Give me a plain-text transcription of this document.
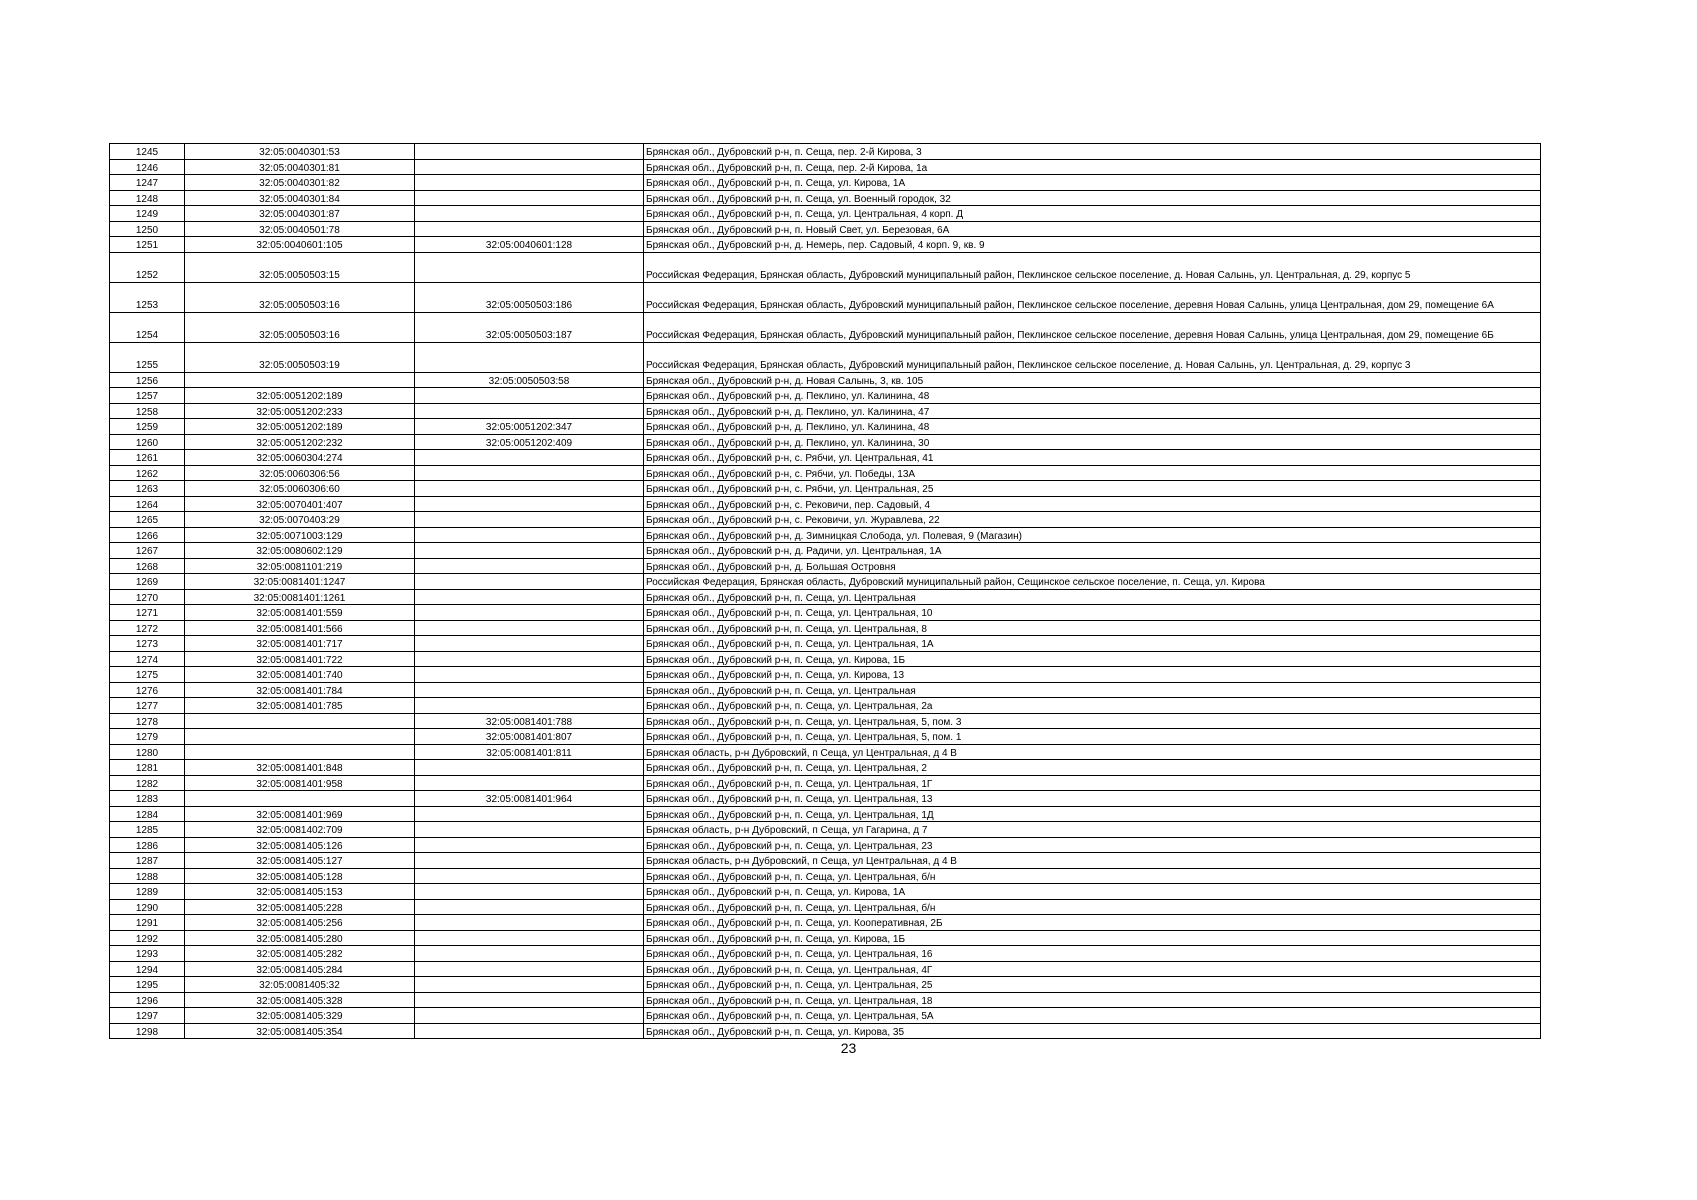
1245	32:05:0040301:53		Брянская обл., Дубровский р-н, п. Сеща, пер. 2-й Кирова, 3
1246	32:05:0040301:81		Брянская обл., Дубровский р-н, п. Сеща, пер. 2-й Кирова, 1а
1247	32:05:0040301:82		Брянская обл., Дубровский р-н, п. Сеща, ул. Кирова, 1А
1248	32:05:0040301:84		Брянская обл., Дубровский р-н, п. Сеща, ул. Военный городок, 32
1249	32:05:0040301:87		Брянская обл., Дубровский р-н, п. Сеща, ул. Центральная, 4 корп. Д
1250	32:05:0040501:78		Брянская обл., Дубровский р-н, п. Новый Свет, ул. Березовая, 6А
1251	32:05:0040601:105	32:05:0040601:128	Брянская обл., Дубровский р-н, д. Немерь, пер. Садовый, 4 корп. 9, кв. 9
1252	32:05:0050503:15		Российская Федерация, Брянская область, Дубровский муниципальный район, Пеклинское сельское поселение, д. Новая Салынь, ул. Центральная, д. 29, корпус 5
1253	32:05:0050503:16	32:05:0050503:186	Российская Федерация, Брянская область, Дубровский муниципальный район, Пеклинское сельское поселение, деревня Новая Салынь, улица Центральная, дом 29, помещение 6А
1254	32:05:0050503:16	32:05:0050503:187	Российская Федерация, Брянская область, Дубровский муниципальный район, Пеклинское сельское поселение, деревня Новая Салынь, улица Центральная, дом 29, помещение 6Б
1255	32:05:0050503:19		Российская Федерация, Брянская область, Дубровский муниципальный район, Пеклинское сельское поселение, д. Новая Салынь, ул. Центральная, д. 29, корпус 3
1256		32:05:0050503:58	Брянская обл., Дубровский р-н, д. Новая Салынь, 3, кв. 105
1257	32:05:0051202:189		Брянская обл., Дубровский р-н, д. Пеклино, ул. Калинина, 48
1258	32:05:0051202:233		Брянская обл., Дубровский р-н, д. Пеклино, ул. Калинина, 47
1259	32:05:0051202:189	32:05:0051202:347	Брянская обл., Дубровский р-н, д. Пеклино, ул. Калинина, 48
1260	32:05:0051202:232	32:05:0051202:409	Брянская обл., Дубровский р-н, д. Пеклино, ул. Калинина, 30
1261	32:05:0060304:274		Брянская обл., Дубровский р-н, с. Рябчи, ул. Центральная, 41
1262	32:05:0060306:56		Брянская обл., Дубровский р-н, с. Рябчи, ул. Победы, 13А
1263	32:05:0060306:60		Брянская обл., Дубровский р-н, с. Рябчи, ул. Центральная, 25
1264	32:05:0070401:407		Брянская обл., Дубровский р-н, с. Рековичи, пер. Садовый, 4
1265	32:05:0070403:29		Брянская обл., Дубровский р-н, с. Рековичи, ул. Журавлева, 22
1266	32:05:0071003:129		Брянская обл., Дубровский р-н, д. Зимницкая Слобода, ул. Полевая, 9 (Магазин)
1267	32:05:0080602:129		Брянская обл., Дубровский р-н, д. Радичи, ул. Центральная, 1А
1268	32:05:0081101:219		Брянская обл., Дубровский р-н, д. Большая Островня
1269	32:05:0081401:1247		Российская Федерация, Брянская область, Дубровский муниципальный район, Сещинское сельское поселение, п. Сеща, ул. Кирова
1270	32:05:0081401:1261		Брянская обл., Дубровский р-н, п. Сеща, ул. Центральная
1271	32:05:0081401:559		Брянская обл., Дубровский р-н, п. Сеща, ул. Центральная, 10
1272	32:05:0081401:566		Брянская обл., Дубровский р-н, п. Сеща, ул. Центральная, 8
1273	32:05:0081401:717		Брянская обл., Дубровский р-н, п. Сеща, ул. Центральная, 1А
1274	32:05:0081401:722		Брянская обл., Дубровский р-н, п. Сеща, ул. Кирова, 1Б
1275	32:05:0081401:740		Брянская обл., Дубровский р-н, п. Сеща, ул. Кирова, 13
1276	32:05:0081401:784		Брянская обл., Дубровский р-н, п. Сеща, ул. Центральная
1277	32:05:0081401:785		Брянская обл., Дубровский р-н, п. Сеща, ул. Центральная, 2а
1278		32:05:0081401:788	Брянская обл., Дубровский р-н, п. Сеща, ул. Центральная, 5, пом. 3
1279		32:05:0081401:807	Брянская обл., Дубровский р-н, п. Сеща, ул. Центральная, 5, пом. 1
1280		32:05:0081401:811	Брянская область, р-н Дубровский, п Сеща, ул Центральная, д 4 В
1281	32:05:0081401:848		Брянская обл., Дубровский р-н, п. Сеща, ул. Центральная, 2
1282	32:05:0081401:958		Брянская обл., Дубровский р-н, п. Сеща, ул. Центральная, 1Г
1283		32:05:0081401:964	Брянская обл., Дубровский р-н, п. Сеща, ул. Центральная, 13
1284	32:05:0081401:969		Брянская обл., Дубровский р-н, п. Сеща, ул. Центральная, 1Д
1285	32:05:0081402:709		Брянская область, р-н Дубровский, п Сеща, ул Гагарина, д 7
1286	32:05:0081405:126		Брянская обл., Дубровский р-н, п. Сеща, ул. Центральная, 23
1287	32:05:0081405:127		Брянская область, р-н Дубровский, п Сеща, ул Центральная, д 4 В
1288	32:05:0081405:128		Брянская обл., Дубровский р-н, п. Сеща, ул. Центральная, б/н
1289	32:05:0081405:153		Брянская обл., Дубровский р-н, п. Сеща, ул. Кирова, 1А
1290	32:05:0081405:228		Брянская обл., Дубровский р-н, п. Сеща, ул. Центральная, б/н
1291	32:05:0081405:256		Брянская обл., Дубровский р-н, п. Сеща, ул. Кооперативная, 2Б
1292	32:05:0081405:280		Брянская обл., Дубровский р-н, п. Сеща, ул. Кирова, 1Б
1293	32:05:0081405:282		Брянская обл., Дубровский р-н, п. Сеща, ул. Центральная, 16
1294	32:05:0081405:284		Брянская обл., Дубровский р-н, п. Сеща, ул. Центральная, 4Г
1295	32:05:0081405:32		Брянская обл., Дубровский р-н, п. Сеща, ул. Центральная, 25
1296	32:05:0081405:328		Брянская обл., Дубровский р-н, п. Сеща, ул. Центральная, 18
1297	32:05:0081405:329		Брянская обл., Дубровский р-н, п. Сеща, ул. Центральная, 5А
1298	32:05:0081405:354		Брянская обл., Дубровский р-н, п. Сеща, ул. Кирова, 35
23
